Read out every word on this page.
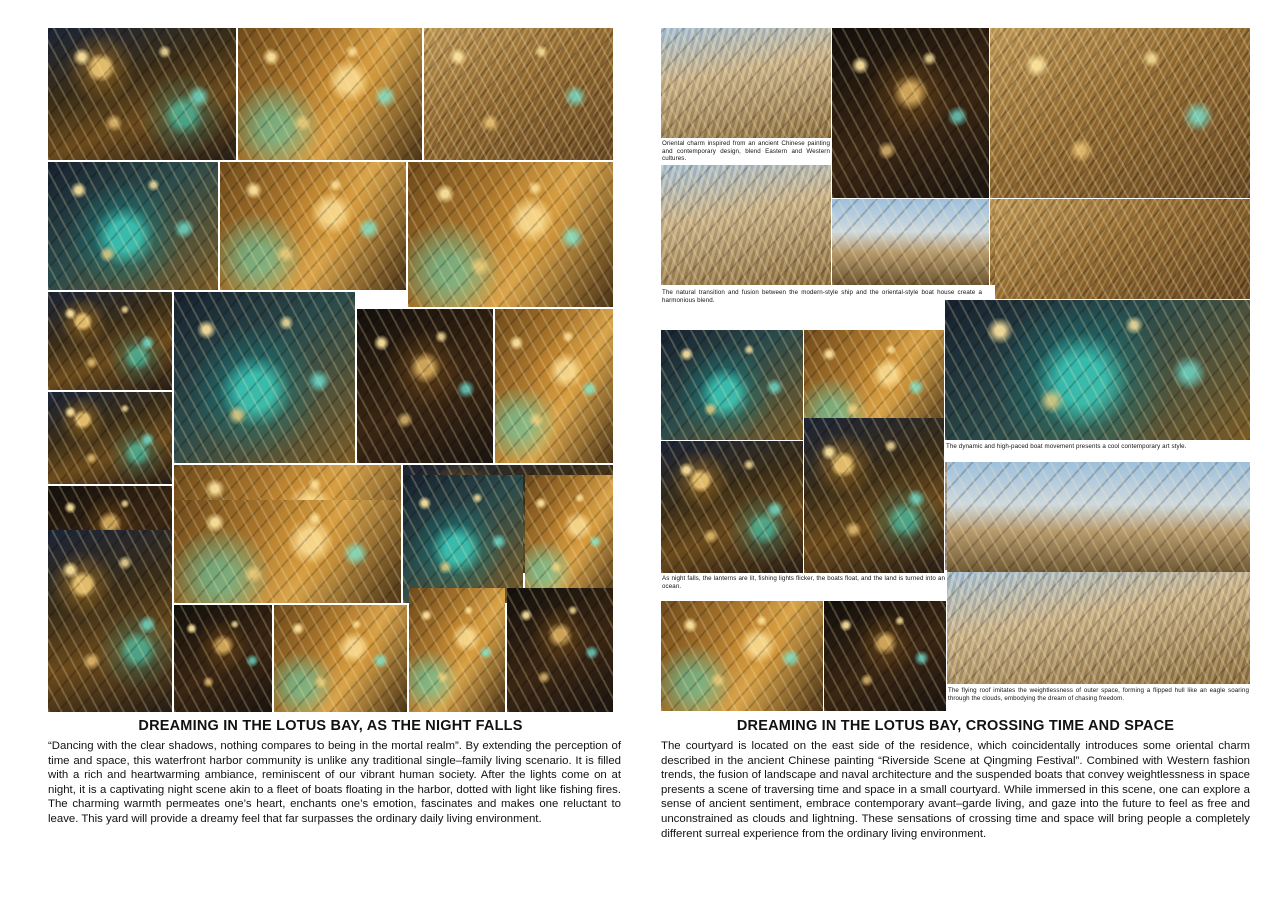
DREAMING IN THE LOTUS BAY, AS THE NIGHT FALLS
“Dancing with the clear shadows, nothing compares to being in the mortal realm”. By extending the perception of time and space, this waterfront harbor community is unlike any traditional single–family living scenario. It is filled with a rich and heartwarming ambiance, reminiscent of our vibrant human society. After the lights come on at night, it is a captivating night scene akin to a fleet of boats floating in the harbor, dotted with light like fishing fires. The charming warmth permeates one’s heart, enchants one’s emotion, fascinates and makes one reluctant to leave. This yard will provide a dreamy feel that far surpasses the ordinary daily living environment.
Oriental charm inspired from an ancient Chinese painting and contemporary design, blend Eastern and Western cultures.
The natural transition and fusion between the modern-style ship and the oriental-style boat house create a harmonious blend.
The dynamic and high-paced boat movement presents a cool contemporary art style.
As night falls, the lanterns are lit, fishing lights flicker, the boats float, and the land is turned into an ocean.
The flying roof imitates the weightlessness of outer space, forming a flipped hull like an eagle soaring through the clouds, embodying the dream of chasing freedom.
DREAMING IN THE LOTUS BAY, CROSSING TIME AND SPACE
The courtyard is located on the east side of the residence, which coincidentally introduces some oriental charm described in the ancient Chinese painting “Riverside Scene at Qingming Festival”. Combined with Western fashion trends, the fusion of landscape and naval architecture and the suspended boats that convey weightlessness in space presents a scene of traversing time and space in a small courtyard. While immersed in this scene, one can explore a sense of ancient sentiment, embrace contemporary avant–garde living, and gaze into the future to feel as free and unconstrained as clouds and lightning. These sensations of crossing time and space will bring people a completely different surreal experience from the ordinary living environment.
